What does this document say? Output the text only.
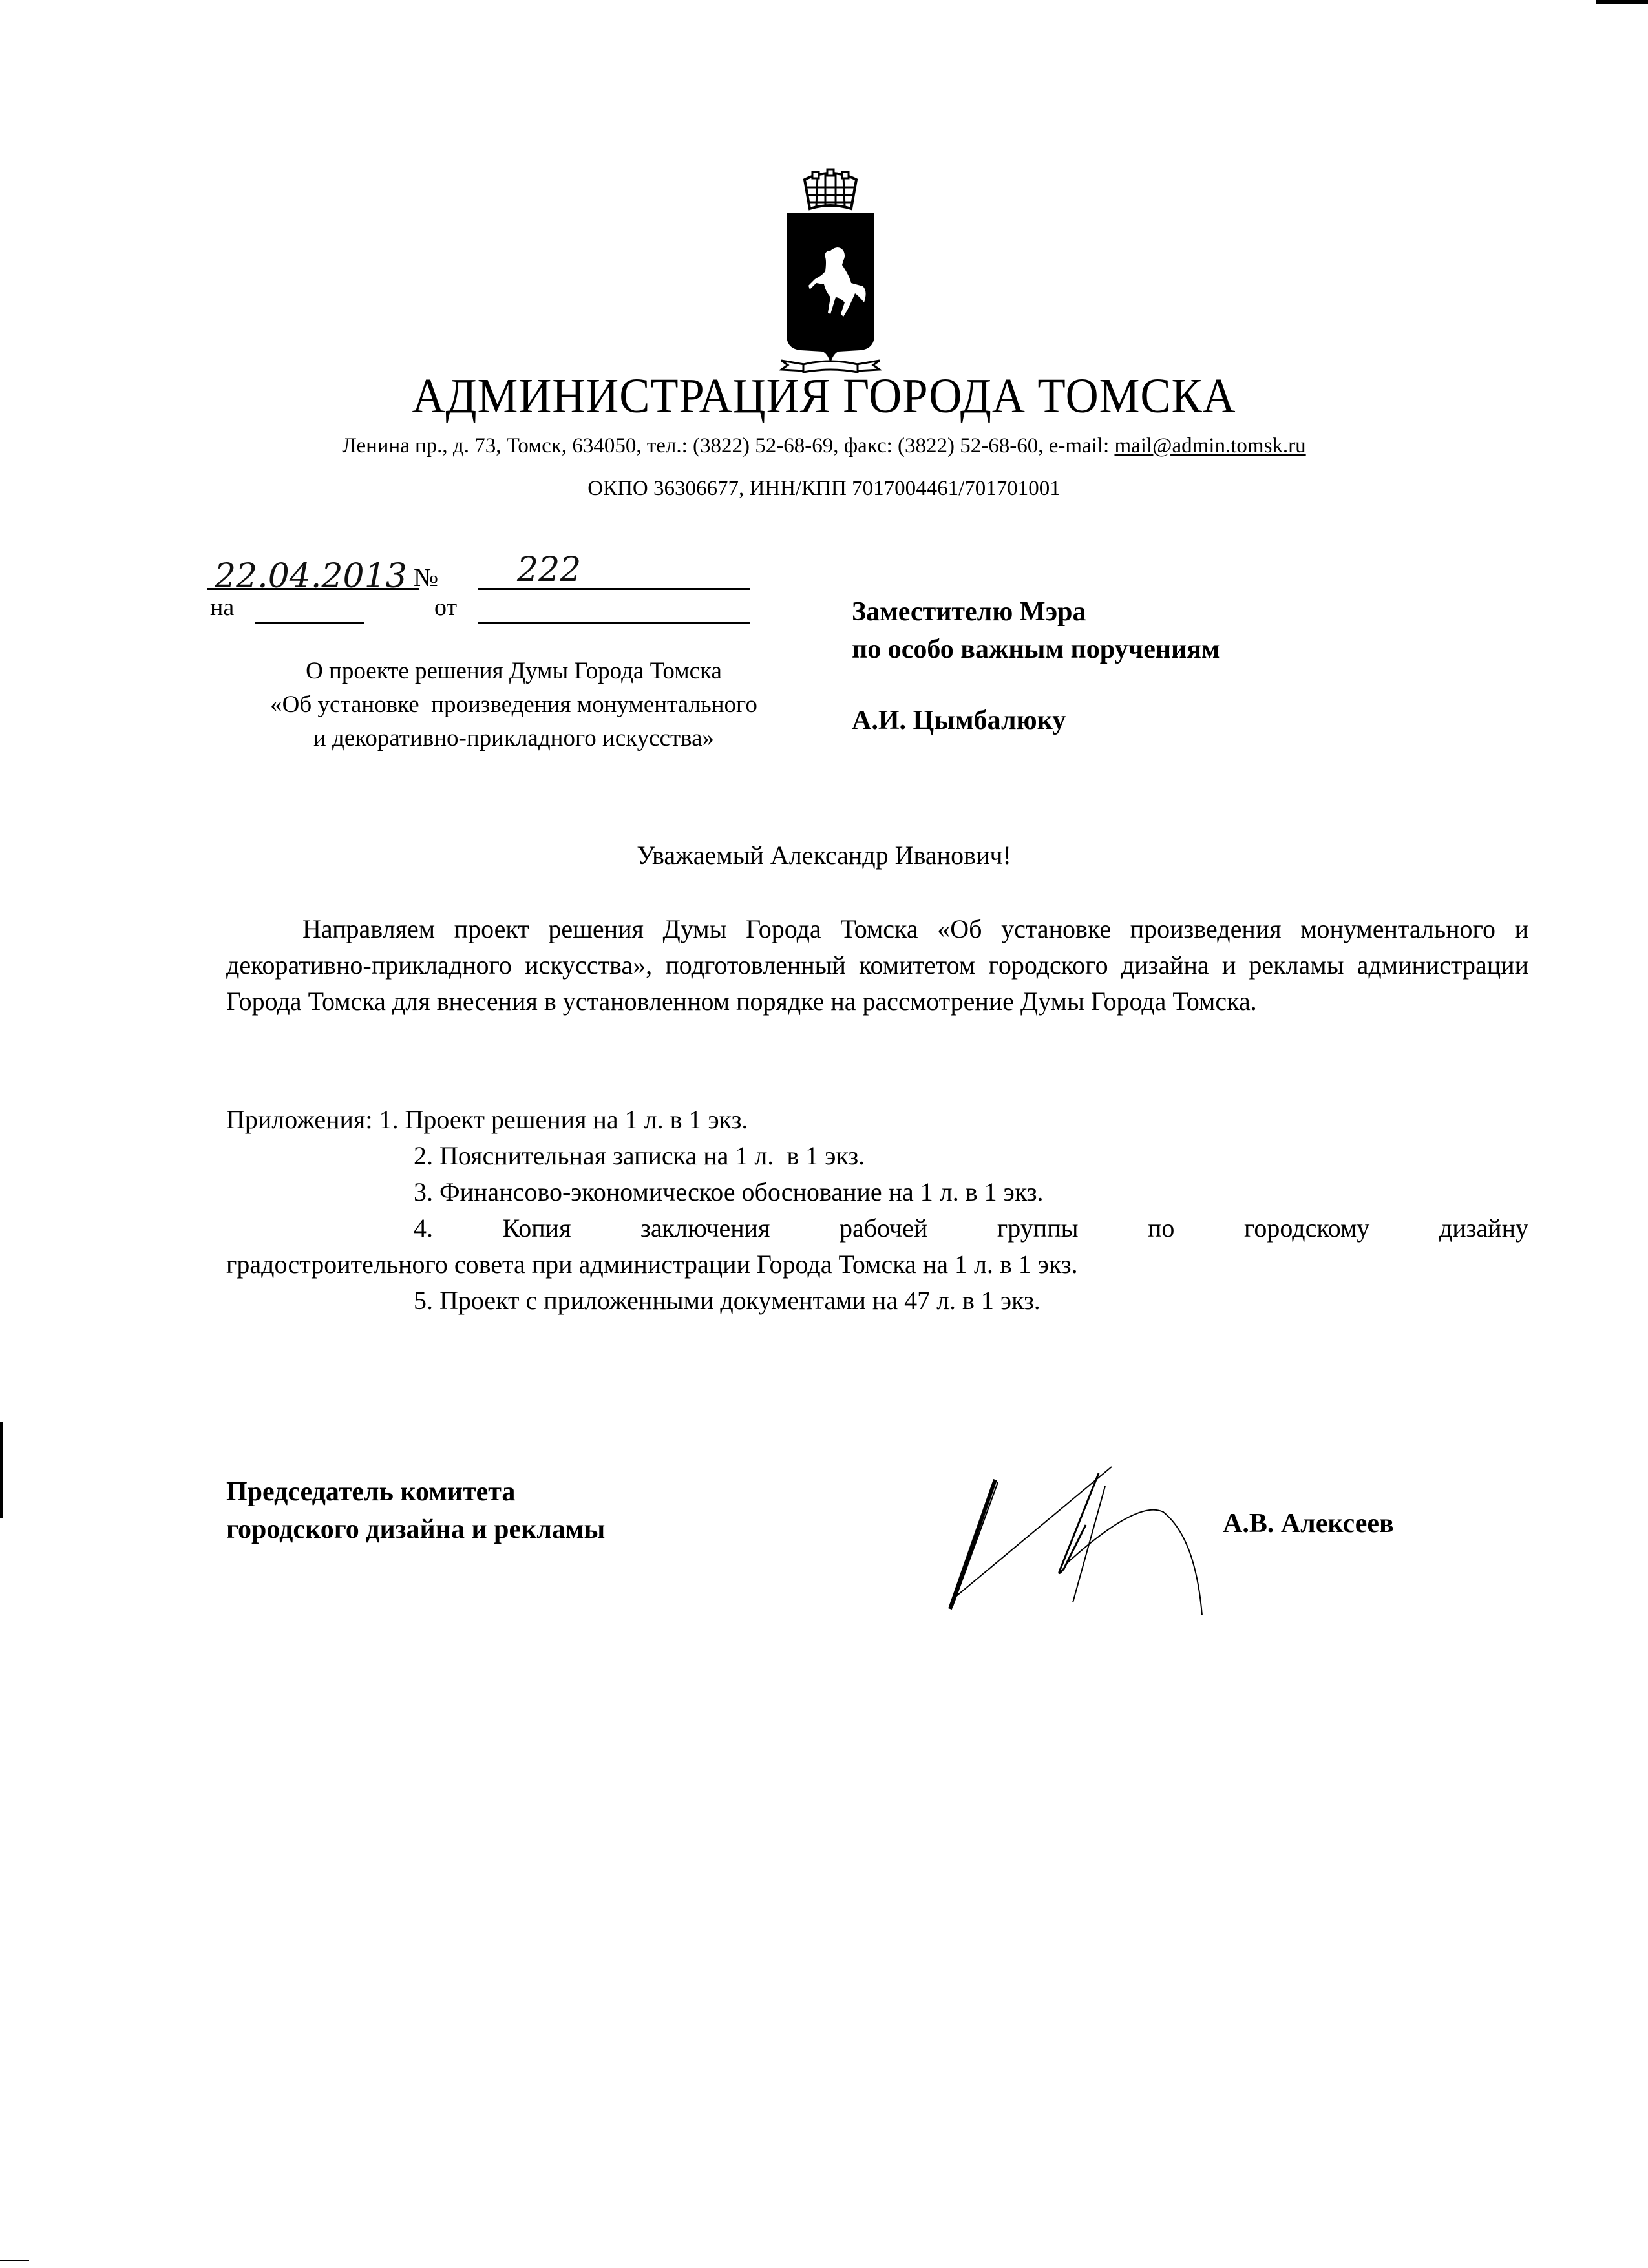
АДМИНИСТРАЦИЯ ГОРОДА ТОМСКА
Ленина пр., д. 73, Томск, 634050, тел.: (3822) 52-68-69, факс: (3822) 52-68-60, e-mail: mail@admin.tomsk.ru
ОКПО 36306677, ИНН/КПП 7017004461/701701001
22.04.2013 № 222
на	от
О проекте решения Думы Города Томска
«Об установке  произведения монументального
и декоративно-прикладного искусства»
Заместителю Мэра
по особо важным поручениям
А.И. Цымбалюку
Уважаемый Александр Иванович!
Направляем проект решения Думы Города Томска «Об установке произведения монументального и декоративно-прикладного искусства», подготовленный комитетом городского дизайна и рекламы администрации Города Томска для внесения в установленном порядке на рассмотрение Думы Города Томска.
Приложения: 1. Проект решения на 1 л. в 1 экз.
2. Пояснительная записка на 1 л.  в 1 экз.
3. Финансово-экономическое обоснование на 1 л. в 1 экз.
4. Копия заключения рабочей группы по городскому дизайну
градостроительного совета при администрации Города Томска на 1 л. в 1 экз.
5. Проект с приложенными документами на 47 л. в 1 экз.
Председатель комитета
городского дизайна и рекламы	А.В. Алексеев
